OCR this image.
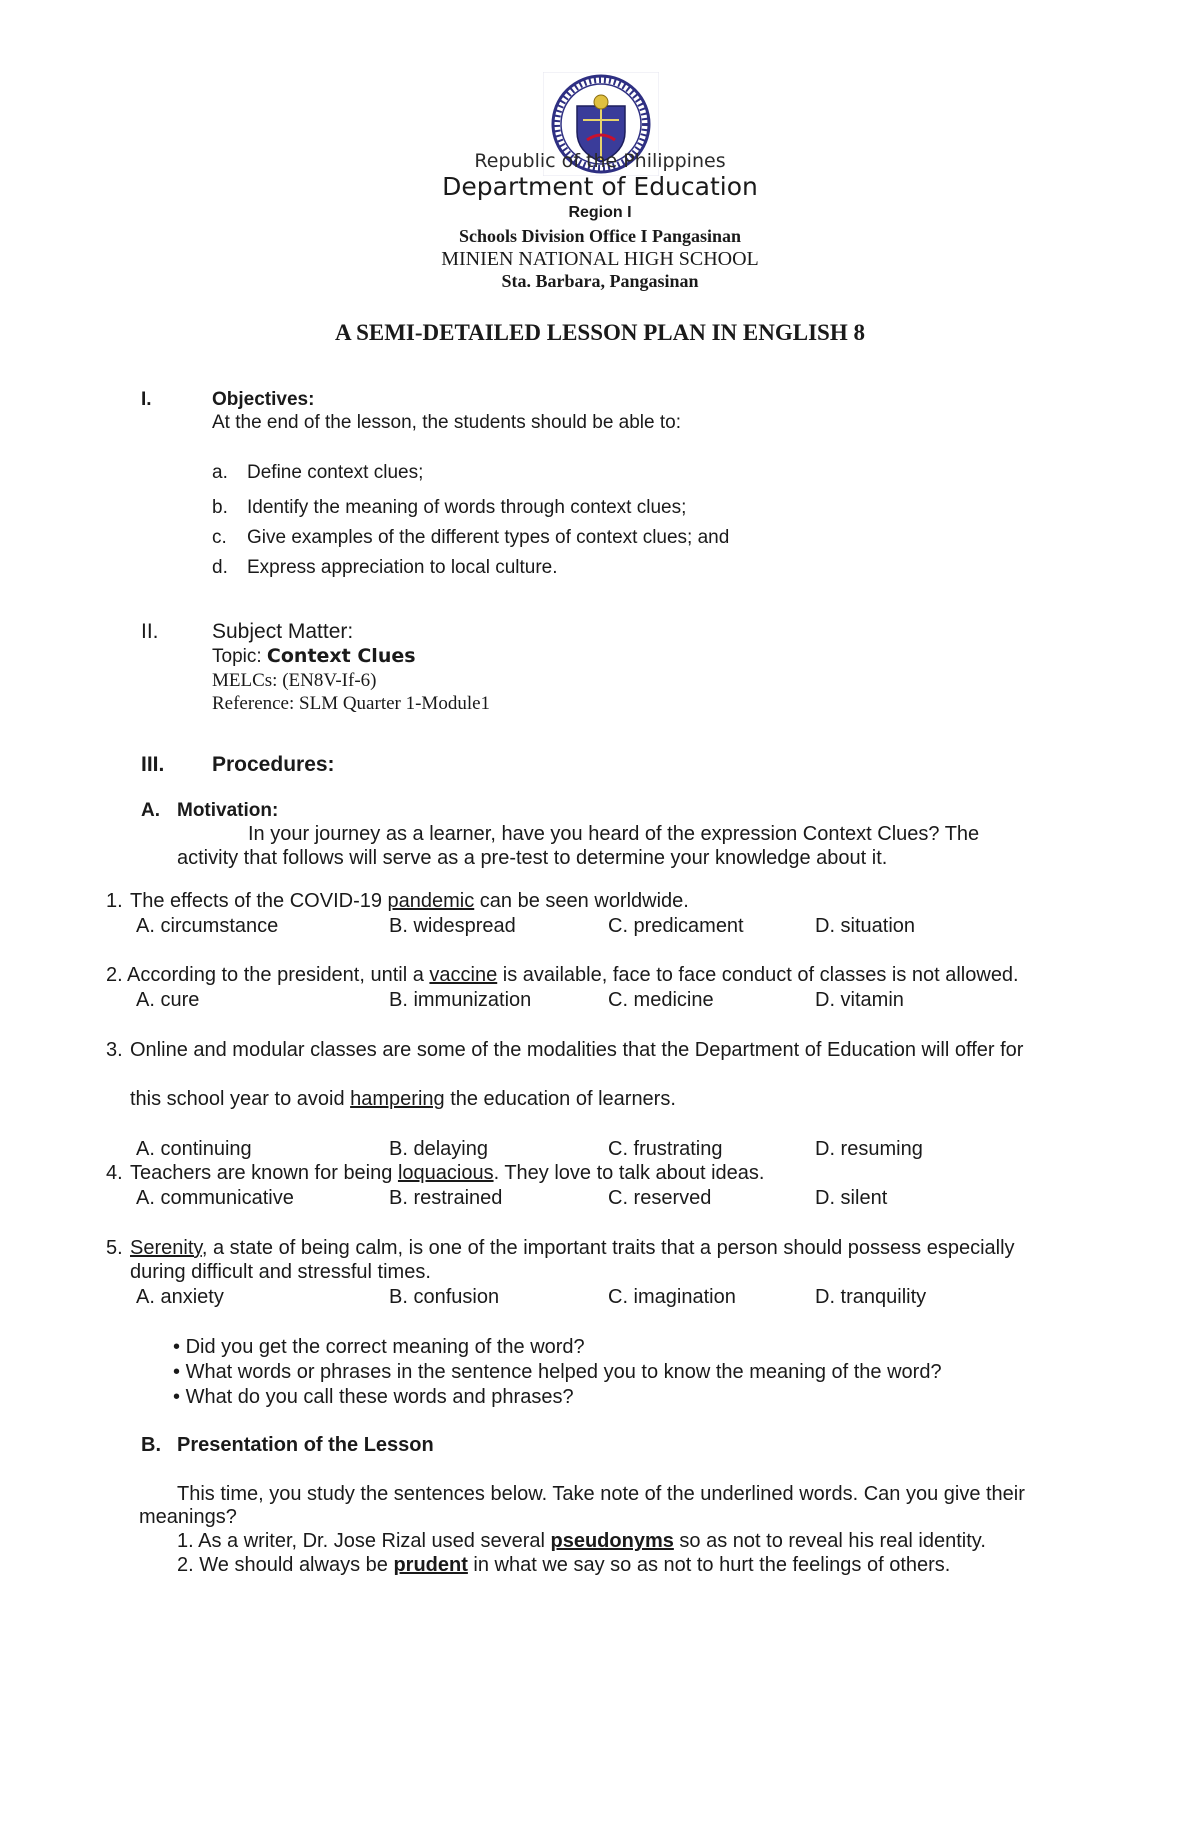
Republic of the Philippines
Department of Education
Region I
Schools Division Office I Pangasinan
MINIEN NATIONAL HIGH SCHOOL
Sta. Barbara, Pangasinan
A SEMI-DETAILED LESSON PLAN IN ENGLISH 8
I.	Objectives:
At the end of the lesson, the students should be able to:
a. Define context clues;
b. Identify the meaning of words through context clues;
c. Give examples of the different types of context clues; and
d. Express appreciation to local culture.
II.	Subject Matter:
Topic: Context Clues
MELCs: (EN8V-If-6)
Reference: SLM Quarter 1-Module1
III. Procedures:
A. Motivation:
In your journey as a learner, have you heard of the expression Context Clues? The
activity that follows will serve as a pre-test to determine your knowledge about it.
1. The effects of the COVID-19 pandemic can be seen worldwide.
A. circumstance	B. widespread	C. predicament	D. situation
2. According to the president, until a vaccine is available, face to face conduct of classes is not allowed.
A. cure	B. immunization	C. medicine	D. vitamin
3. Online and modular classes are some of the modalities that the Department of Education will offer for
this school year to avoid hampering the education of learners.
A. continuing	B. delaying	C. frustrating	D. resuming
4. Teachers are known for being loquacious. They love to talk about ideas.
A. communicative	B. restrained	C. reserved	D. silent
5. Serenity, a state of being calm, is one of the important traits that a person should possess especially
during difficult and stressful times.
A. anxiety	B. confusion	C. imagination	D. tranquility
• Did you get the correct meaning of the word?
• What words or phrases in the sentence helped you to know the meaning of the word?
• What do you call these words and phrases?
B. Presentation of the Lesson
This time, you study the sentences below. Take note of the underlined words. Can you give their
meanings?
1. As a writer, Dr. Jose Rizal used several pseudonyms so as not to reveal his real identity.
2. We should always be prudent in what we say so as not to hurt the feelings of others.
